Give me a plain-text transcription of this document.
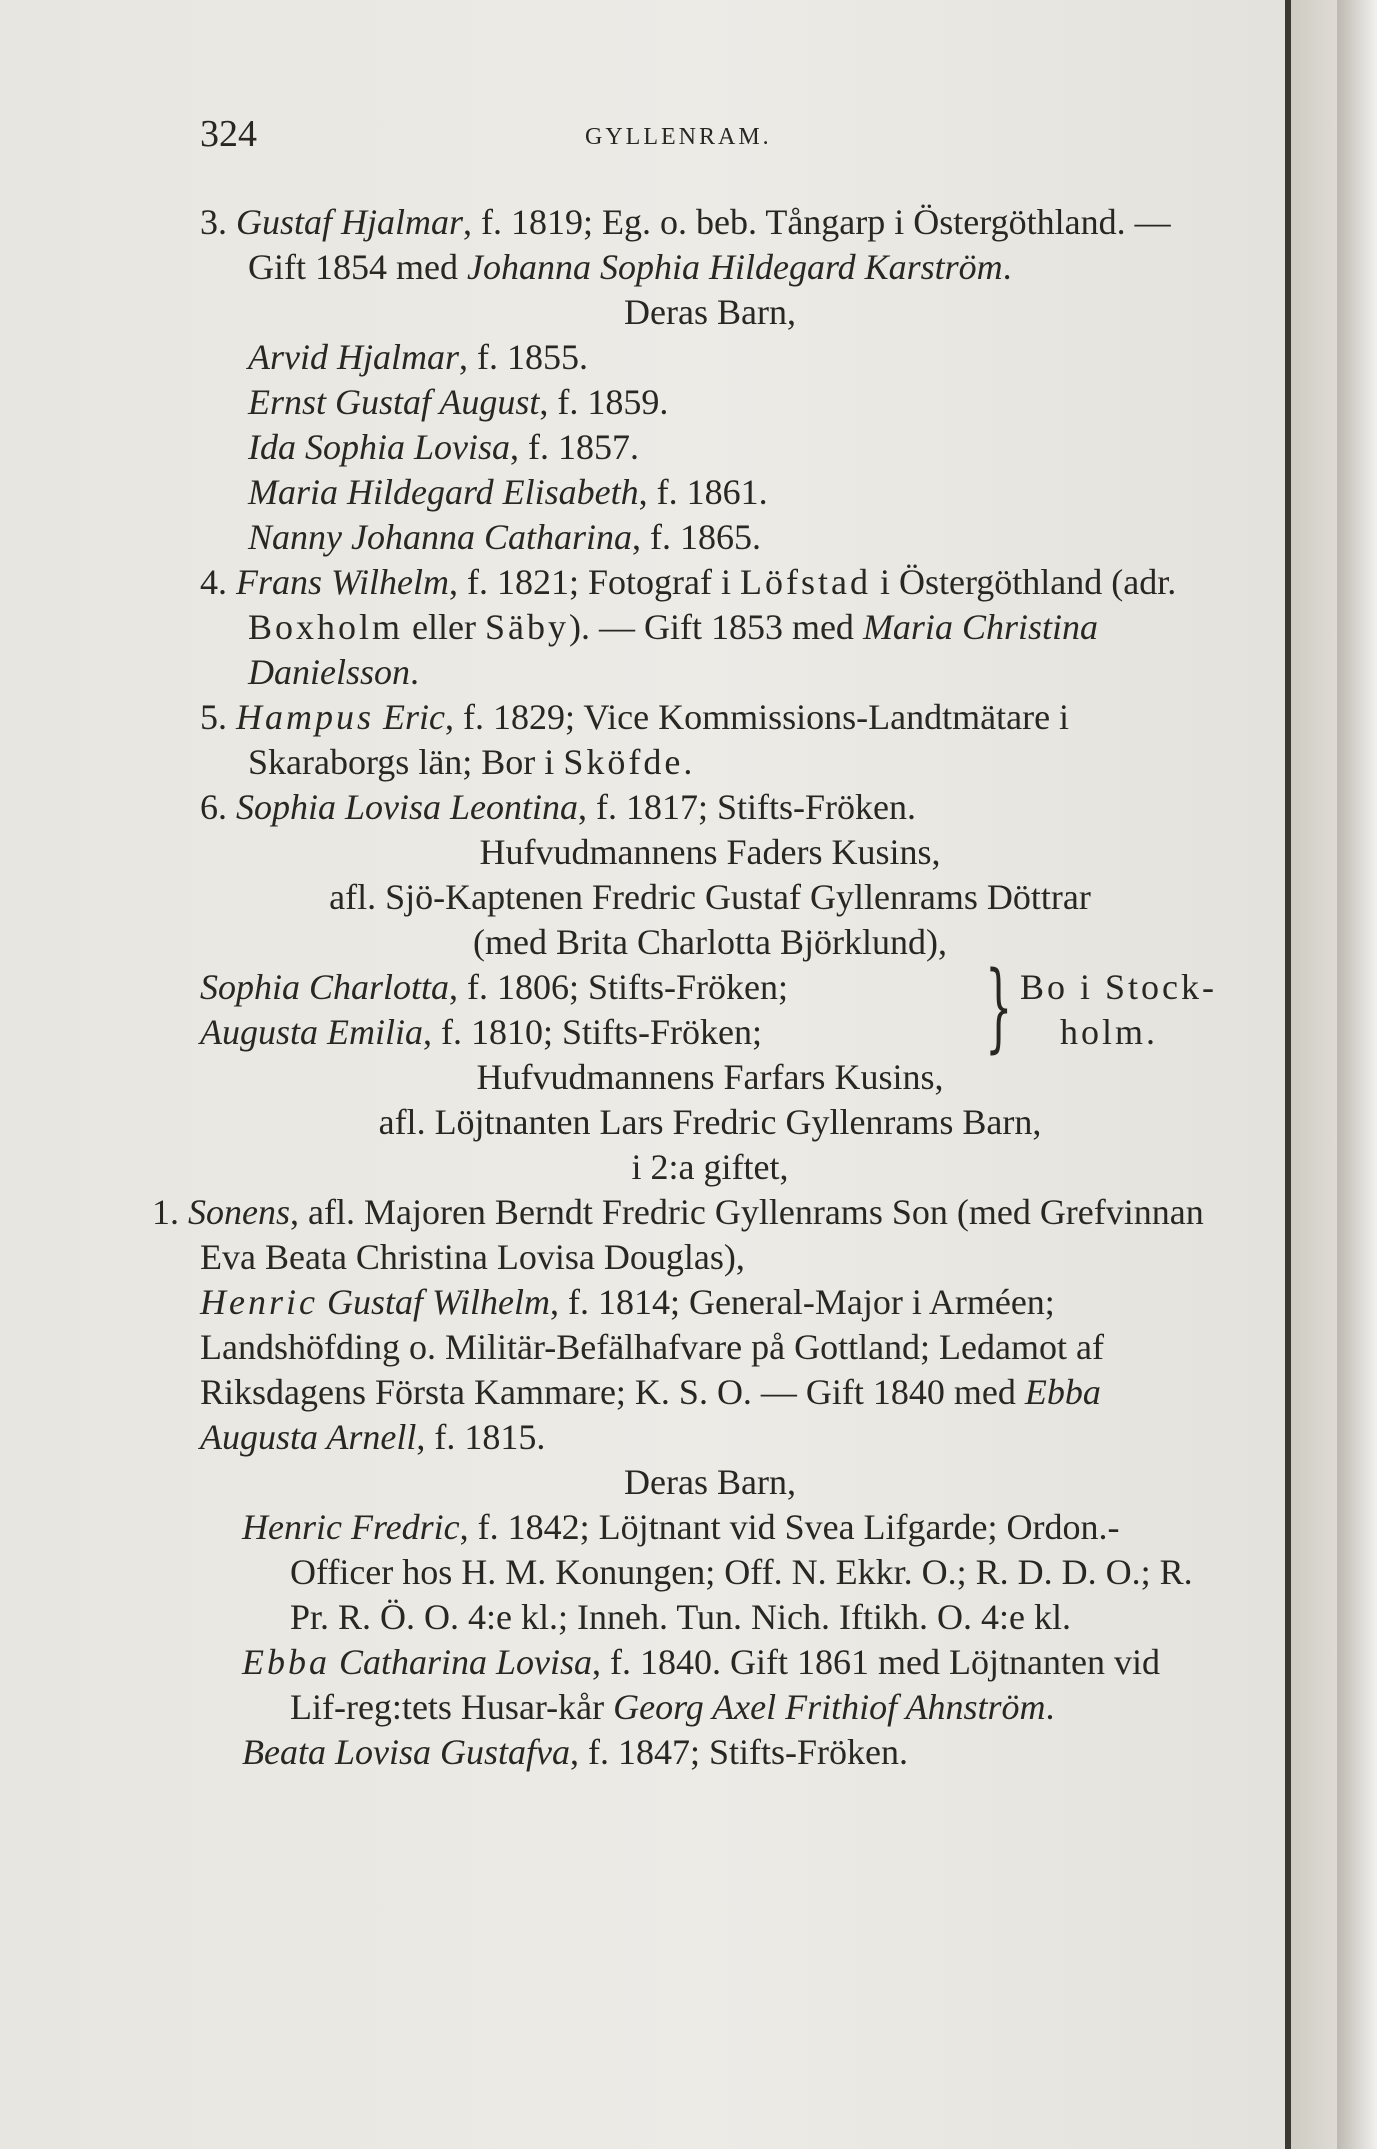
324	GYLLENRAM.

3. Gustaf Hjalmar, f. 1819; Eg. o. beb. Tångarp i Östergöthland. — Gift 1854 med Johanna Sophia Hildegard Karström.

Deras Barn,

Arvid Hjalmar, f. 1855.

Ernst Gustaf August, f. 1859.

Ida Sophia Lovisa, f. 1857.

Maria Hildegard Elisabeth, f. 1861.

Nanny Johanna Catharina, f. 1865.

4. Frans Wilhelm, f. 1821; Fotograf i Löfstad i Östergöthland (adr. Boxholm eller Säby). — Gift 1853 med Maria Christina Danielsson.

5. Hampus Eric, f. 1829; Vice Kommissions-Landtmätare i Skaraborgs län; Bor i Sköfde.

6. Sophia Lovisa Leontina, f. 1817; Stifts-Fröken.

Hufvudmannens Faders Kusins,

afl. Sjö-Kaptenen Fredric Gustaf Gyllenrams Döttrar

(med Brita Charlotta Björklund),

Sophia Charlotta, f. 1806; Stifts-Fröken;

Augusta Emilia, f. 1810; Stifts-Fröken;	} Bo i Stock-

holm.

Hufvudmannens Farfars Kusins,

afl. Löjtnanten Lars Fredric Gyllenrams Barn,

i 2:a giftet,

1. Sonens, afl. Majoren Berndt Fredric Gyllenrams Son (med Grefvinnan Eva Beata Christina Lovisa Douglas),

Henric Gustaf Wilhelm, f. 1814; General-Major i Arméen; Landshöfding o. Militär-Befälhafvare på Gottland; Ledamot af Riksdagens Första Kammare; K. S. O. — Gift 1840 med Ebba Augusta Arnell, f. 1815.

Deras Barn,

Henric Fredric, f. 1842; Löjtnant vid Svea Lifgarde; Ordon.-Officer hos H. M. Konungen; Off. N. Ekkr. O.; R. D. D. O.; R. Pr. R. Ö. O. 4:e kl.; Inneh. Tun. Nich. Iftikh. O. 4:e kl.

Ebba Catharina Lovisa, f. 1840. Gift 1861 med Löjtnanten vid Lif-reg:tets Husar-kår Georg Axel Frithiof Ahnström.

Beata Lovisa Gustafva, f. 1847; Stifts-Fröken.
